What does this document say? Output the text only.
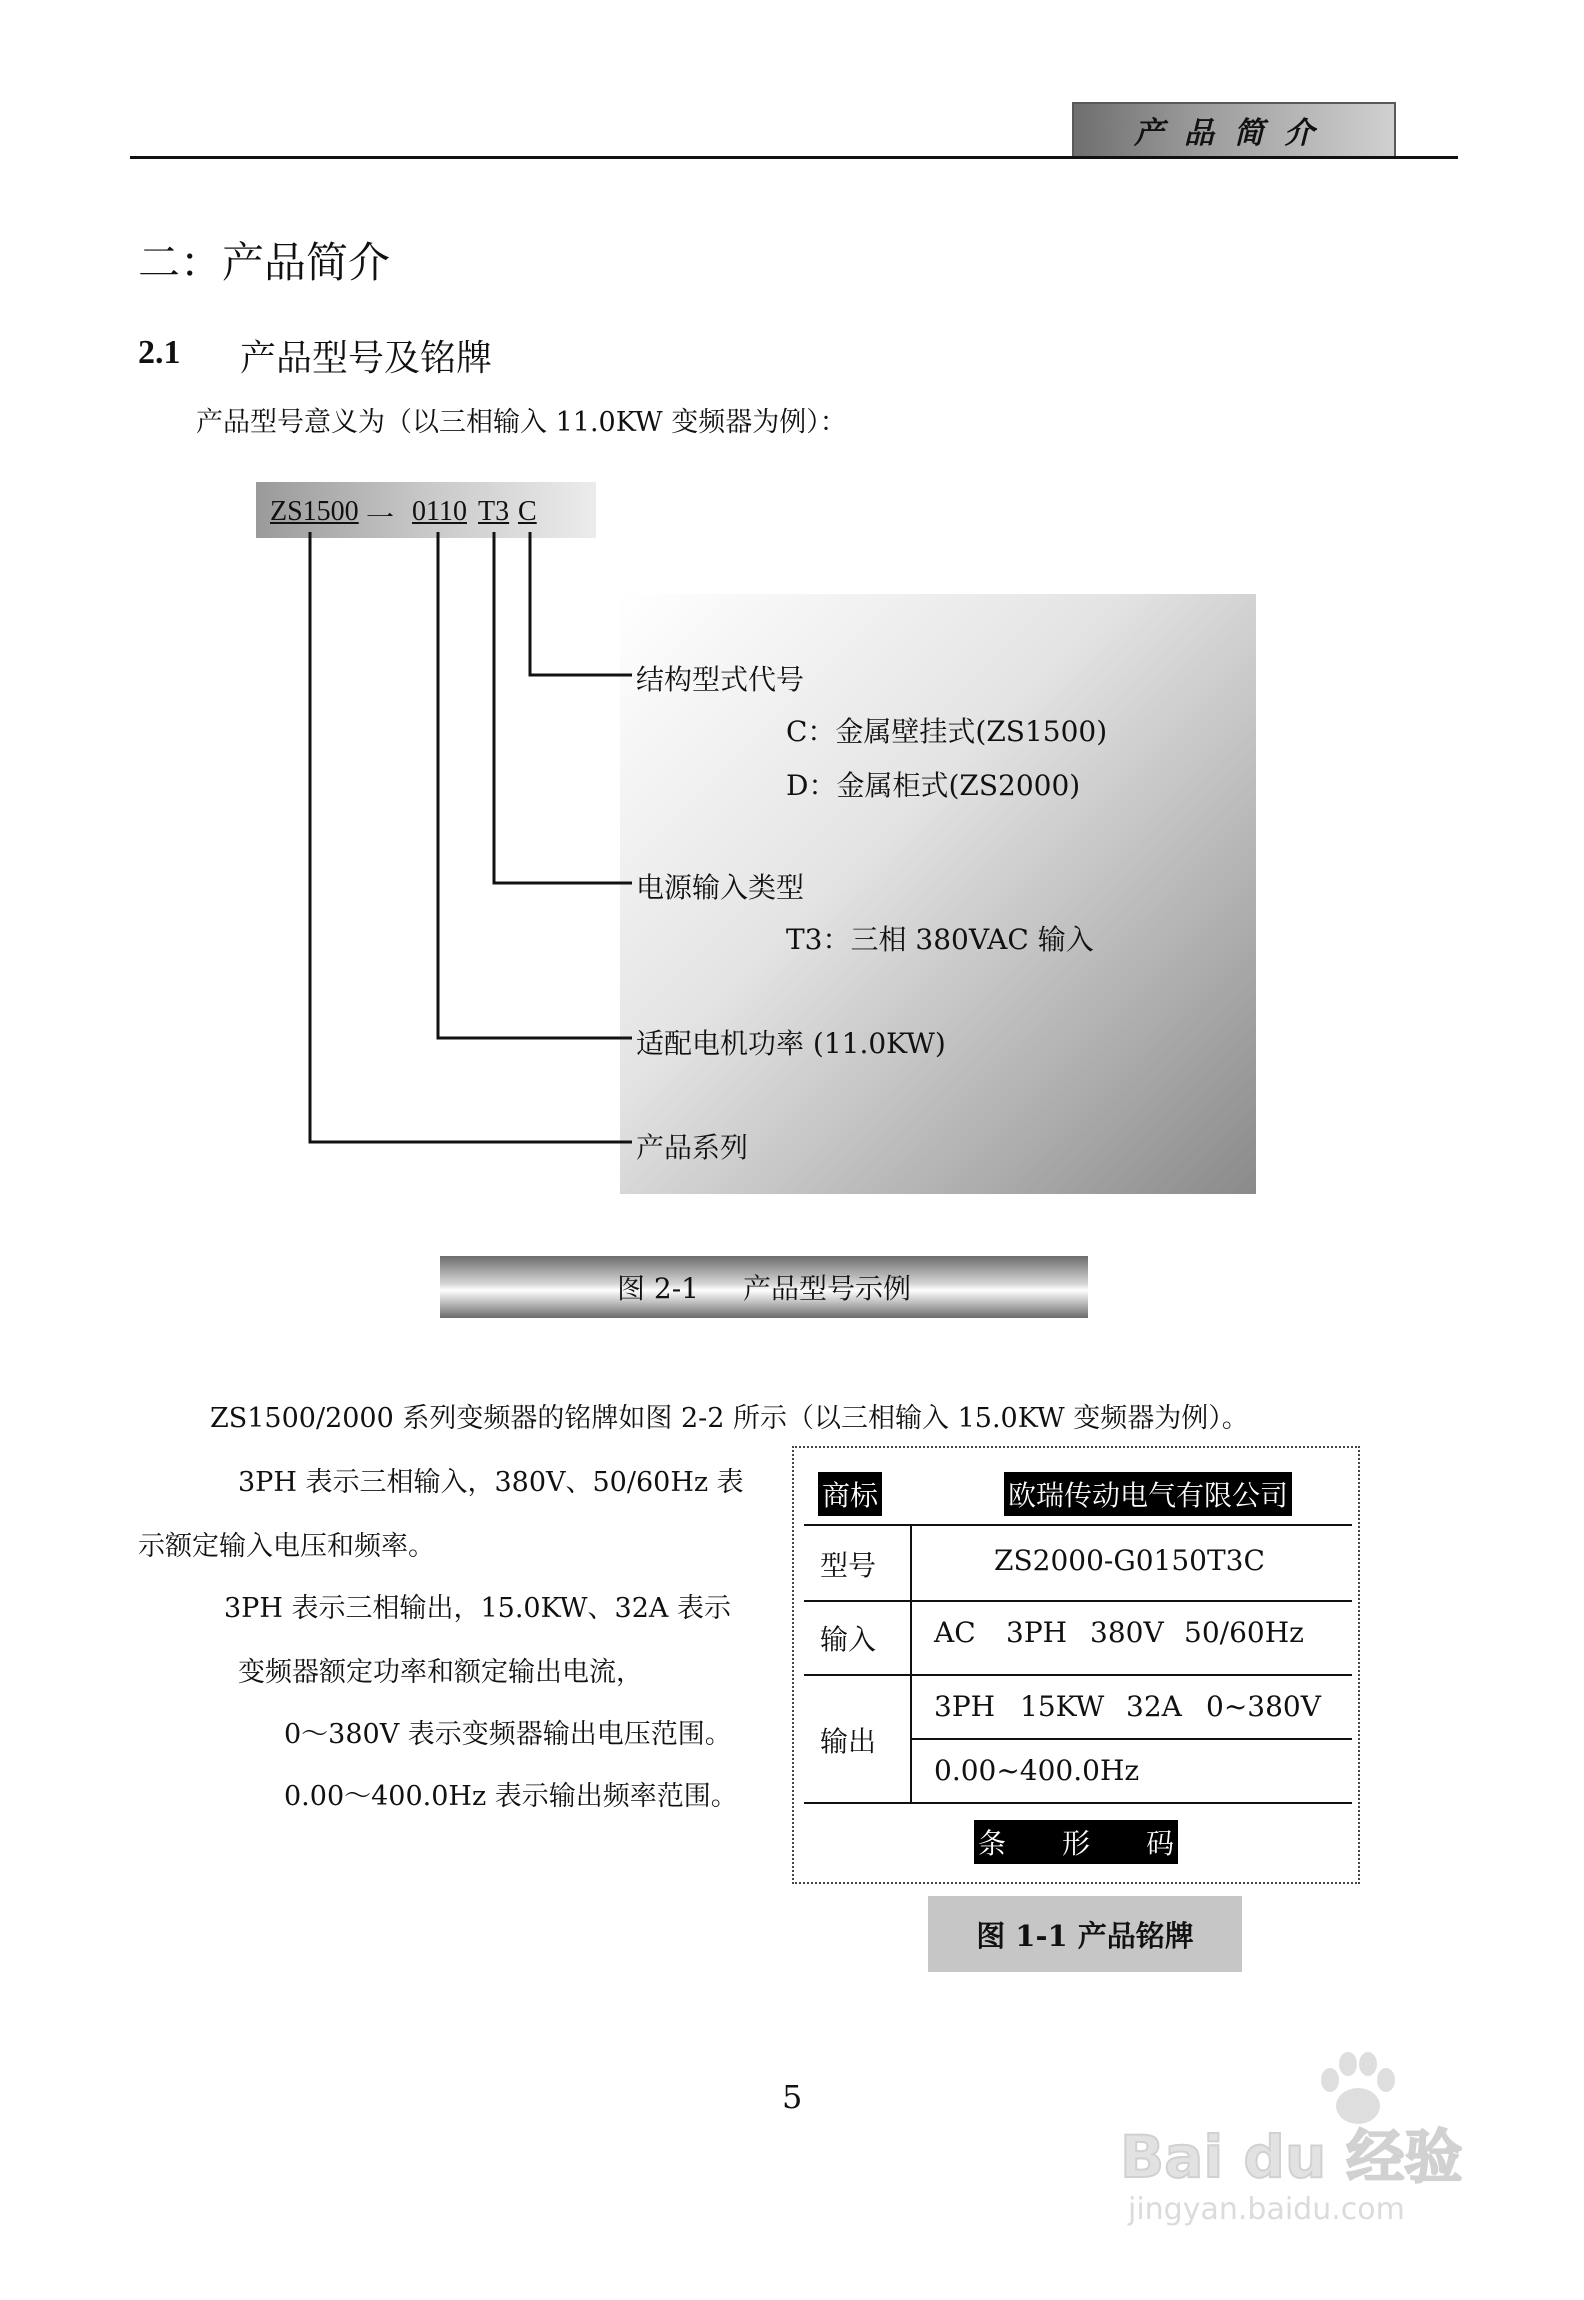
产品简介
二：产品简介
2.1 产品型号及铭牌
产品型号意义为（以三相输入 11.0KW 变频器为例）：
ZS1500 一 0110 T3 C
结构型式代号
C：金属壁挂式(ZS1500)
D：金属柜式(ZS2000)
电源输入类型
T3：三相 380VAC 输入
适配电机功率 (11.0KW)
产品系列
图 2-1 产品型号示例
ZS1500/2000 系列变频器的铭牌如图 2-2 所示（以三相输入 15.0KW 变频器为例）。
3PH 表示三相输入，380V、50/60Hz 表
示额定输入电压和频率。
3PH 表示三相输出，15.0KW、32A 表示
变频器额定功率和额定输出电流，
0～380V 表示变频器输出电压范围。
0.00～400.0Hz 表示输出频率范围。
商标	欧瑞传动电气有限公司
型号	ZS2000-G0150T3C
输入 AC 3PH 380V 50/60Hz
输出
3PH 15KW 32A 0~380V
0.00~400.0Hz
条　　形　　码
图 1-1 产品铭牌
5
Bai du 经验
jingyan.baidu.com
